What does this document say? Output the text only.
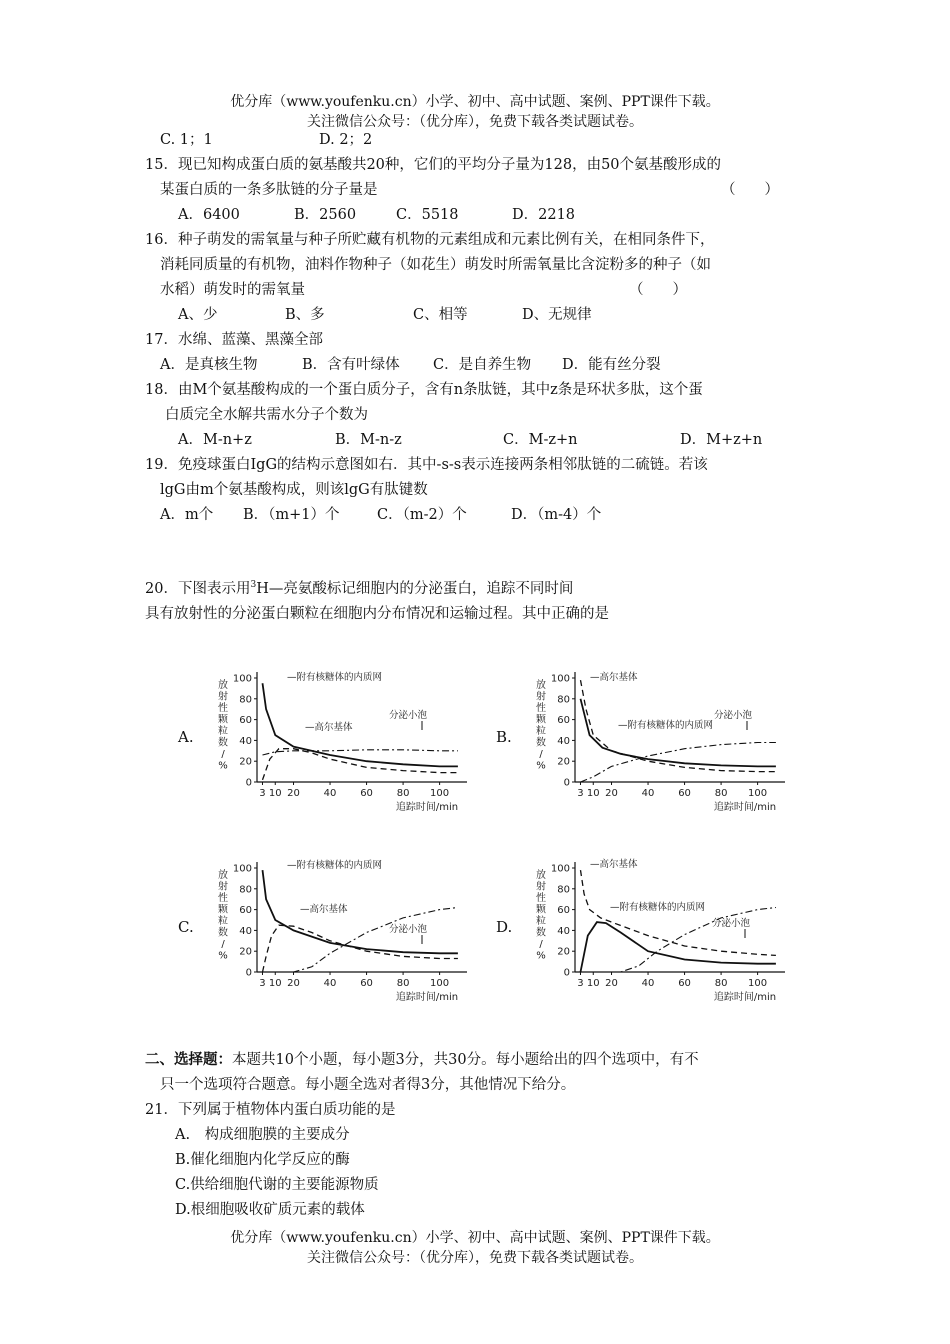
优分库（www.youfenku.cn）小学、初中、高中试题、案例、PPT课件下载。
关注微信公众号：（优分库），免费下载各类试题试卷。
C. 1；1	D. 2；2
15．现已知构成蛋白质的氨基酸共20种，它们的平均分子量为128，由50个氨基酸形成的
某蛋白质的一条多肽链的分子量是	（　　）
A．6400	B．2560	C．5518	D．2218
16．种子萌发的需氧量与种子所贮藏有机物的元素组成和元素比例有关，在相同条件下，
消耗同质量的有机物，油料作物种子（如花生）萌发时所需氧量比含淀粉多的种子（如
水稻）萌发时的需氧量	（　　）
A、少	B、多	C、相等	D、无规律
17．水绵、蓝藻、黑藻全部
A．是真核生物	B．含有叶绿体 C．是自养生物 D．能有丝分裂
18．由M个氨基酸构成的一个蛋白质分子，含有n条肽链，其中z条是环状多肽，这个蛋
白质完全水解共需水分子个数为
A．M-n+z	B．M-n-z	C．M-z+n	D．M+z+n
19．免疫球蛋白IgG的结构示意图如右．其中-s-s表示连接两条相邻肽链的二硫链。若该
lgG由m个氨基酸构成，则该lgG有肽键数
A．m个 B．（m+1）个	C．（m-2）个	D．（m-4）个
20．下图表示用$^3$H—亮氨酸标记细胞内的分泌蛋白，追踪不同时间
具有放射性的分泌蛋白颗粒在细胞内分布情况和运输过程。其中正确的是
A.
0
20
40
60
80
100
3 10 20 40 60 80 100
放
射
性
颗
粒
数
/
%
追踪时间/min
—附有核糖体的内质网
—高尔基体
分泌小泡
B.
0
20
40
60
80
100
3 10 20 40 60 80 100
放
射
性
颗
粒
数
/
%
追踪时间/min
—附有核糖体的内质网
—高尔基体
分泌小泡
C.
0
20
40
60
80
100
3 10 20 40 60 80 100
放
射
性
颗
粒
数
/
%
追踪时间/min
—附有核糖体的内质网
—高尔基体
分泌小泡	D.
0
20
40
60
80
100
3 10 20 40 60 80 100
放
射
性
颗
粒
数
/
%
追踪时间/min
—附有核糖体的内质网
—高尔基体
分泌小泡
二、选择题：本题共10个小题，每小题3分，共30分。每小题给出的四个选项中，有不
只一个选项符合题意。每小题全选对者得3分，其他情况下给分。
21．下列属于植物体内蛋白质功能的是
A.　构成细胞膜的主要成分
B.催化细胞内化学反应的酶
C.供给细胞代谢的主要能源物质
D.根细胞吸收矿质元素的载体
优分库（www.youfenku.cn）小学、初中、高中试题、案例、PPT课件下载。
关注微信公众号：（优分库），免费下载各类试题试卷。
